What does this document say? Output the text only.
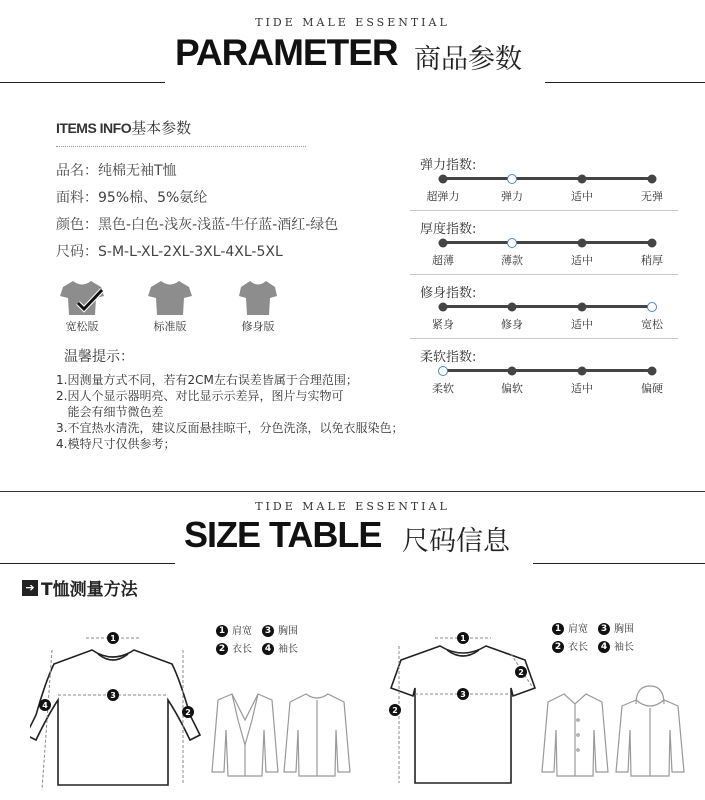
TIDE MALE ESSENTIAL
PARAMETER 商品参数
ITEMS INFO基本参数
品名：纯棉无袖T恤
面料：95%棉、5%氨纶
颜色：黑色-白色-浅灰-浅蓝-牛仔蓝-酒红-绿色
尺码：S-M-L-XL-2XL-3XL-4XL-5XL
宽松版	标准版	修身版
温馨提示：
1.因测量方式不同，若有2CM左右误差皆属于合理范围；
2.因人个显示器明亮、对比显示示差异，图片与实物可
能会有细节微色差
3.不宜热水清洗，建议反面悬挂晾干，分色洗涤，以免衣服染色；
4.模特尺寸仅供参考；
弹力指数:
超弹力	弹力	适中	无弹
厚度指数:
超薄	薄款	适中	稍厚
修身指数:
紧身	修身	适中	宽松
柔软指数:
柔软	偏软	适中	偏硬
TIDE MALE ESSENTIAL
SIZE TABLE 尺码信息
➔ T恤测量方法
1
3
4
2
1 肩宽 3 胸围
2 衣长 4 袖长
1
3
2
2
1 肩宽 3 胸围
2 衣长 4 袖长
